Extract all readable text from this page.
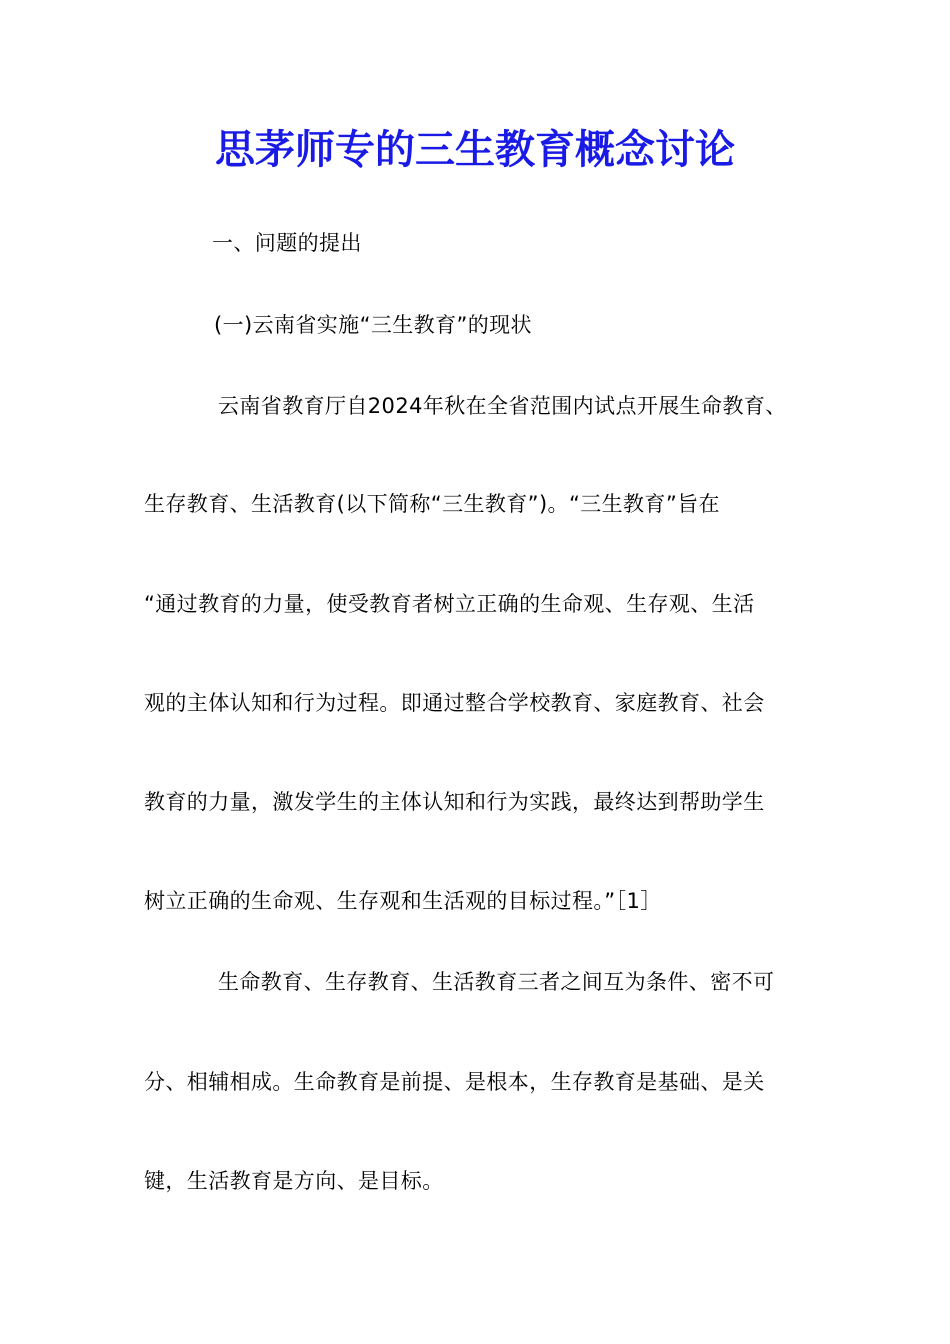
思茅师专的三生教育概念讨论
一、问题的提出
(一)云南省实施“三生教育”的现状
云南省教育厅自2024年秋在全省范围内试点开展生命教育、
生存教育、生活教育(以下简称“三生教育”)。“三生教育”旨在
“通过教育的力量，使受教育者树立正确的生命观、生存观、生活
观的主体认知和行为过程。即通过整合学校教育、家庭教育、社会
教育的力量，激发学生的主体认知和行为实践，最终达到帮助学生
树立正确的生命观、生存观和生活观的目标过程。”［1］
生命教育、生存教育、生活教育三者之间互为条件、密不可
分、相辅相成。生命教育是前提、是根本，生存教育是基础、是关
键，生活教育是方向、是目标。
